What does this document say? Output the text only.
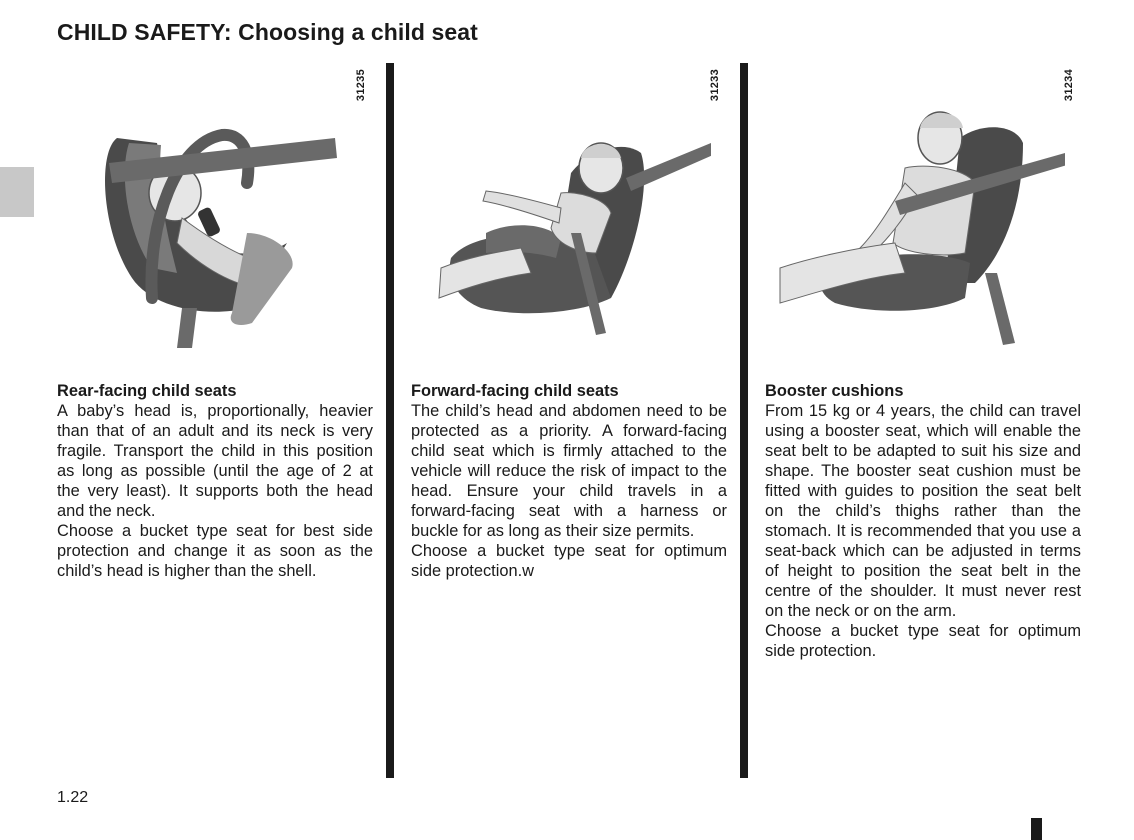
CHILD SAFETY: Choosing a child seat
31235
Rear-facing child seats
A baby’s head is, proportionally, heavier than that of an adult and its neck is very fragile. Transport the child in this position as long as possible (until the age of 2 at the very least). It supports both the head and the neck.
Choose a bucket type seat for best side protection and change it as soon as the child’s head is higher than the shell.
31233
Forward-facing child seats
The child’s head and abdomen need to be protected as a priority. A forward-facing child seat which is firmly attached to the vehicle will reduce the risk of impact to the head. Ensure your child travels in a forward-facing seat with a harness or buckle for as long as their size permits.
Choose a bucket type seat for optimum side protection.w
31234
Booster cushions
From 15 kg or 4 years, the child can travel using a booster seat, which will enable the seat belt to be adapted to suit his size and shape. The booster seat cushion must be fitted with guides to position the seat belt on the child’s thighs rather than the stomach. It is recommended that you use a seat-back which can be adjusted in terms of height to position the seat belt in the centre of the shoulder. It must never rest on the neck or on the arm.
Choose a bucket type seat for optimum side protection.
1.22
